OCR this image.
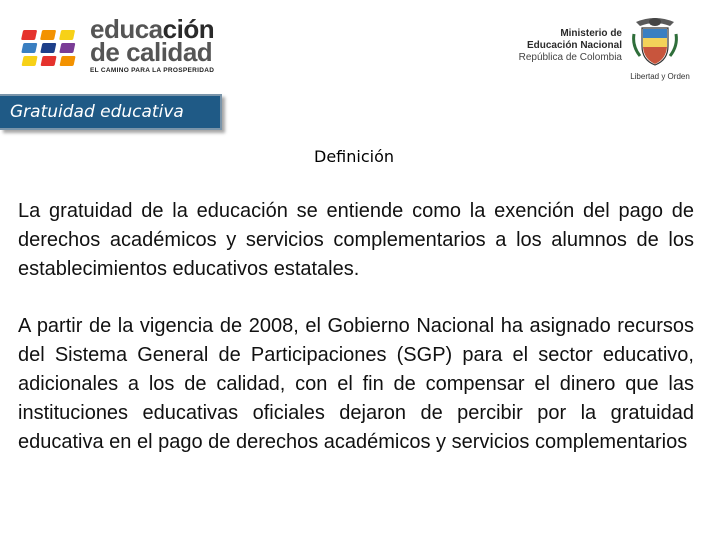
educación
de calidad
EL CAMINO PARA LA PROSPERIDAD
Ministerio de
Educación Nacional
República de Colombia
Libertad y Orden
Gratuidad educativa
Definición

La gratuidad de la educación se entiende como la exención del pago de derechos académicos y servicios complementarios a los alumnos de los establecimientos educativos estatales.

A partir de la vigencia de 2008, el Gobierno Nacional ha asignado recursos del Sistema General de Participaciones (SGP) para el sector educativo, adicionales a los de calidad, con el fin de compensar el dinero que las instituciones educativas oficiales dejaron de percibir por la gratuidad educativa en el pago de derechos académicos y servicios complementarios
